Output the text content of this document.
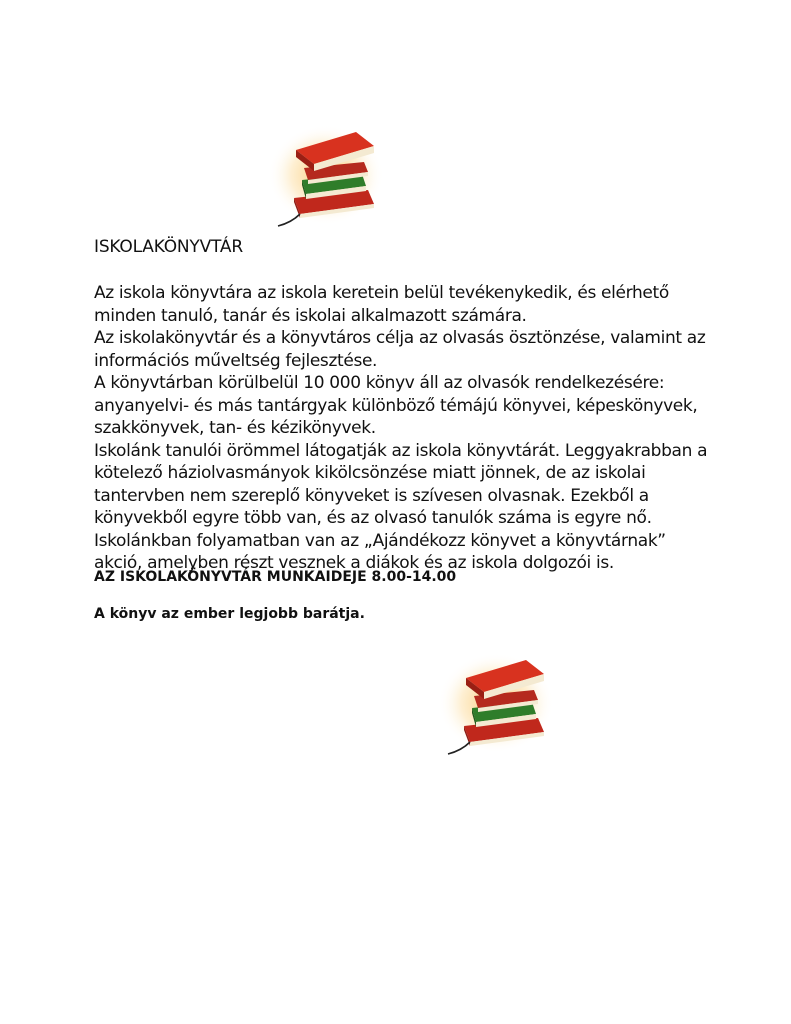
ISKOLAKÖNYVTÁR
Az iskola könyvtára az iskola keretein belül tevékenykedik, és elérhető
minden tanuló, tanár és iskolai alkalmazott számára.
Az iskolakönyvtár és a könyvtáros célja az olvasás ösztönzése, valamint az
információs műveltség fejlesztése.
A könyvtárban körülbelül 10 000 könyv áll az olvasók rendelkezésére:
anyanyelvi- és más tantárgyak különböző témájú könyvei, képeskönyvek,
szakkönyvek, tan- és kézikönyvek.
Iskolánk tanulói örömmel látogatják az iskola könyvtárát. Leggyakrabban a
kötelező háziolvasmányok kikölcsönzése miatt jönnek, de az iskolai
tantervben nem szereplő könyveket is szívesen olvasnak. Ezekből a
könyvekből egyre több van, és az olvasó tanulók száma is egyre nő.
Iskolánkban folyamatban van az „Ajándékozz könyvet a könyvtárnak”
akció, amelyben részt vesznek a diákok és az iskola dolgozói is.
AZ ISKOLAKÖNYVTÁR MUNKAIDEJE 8.00-14.00
A könyv az ember legjobb barátja.
